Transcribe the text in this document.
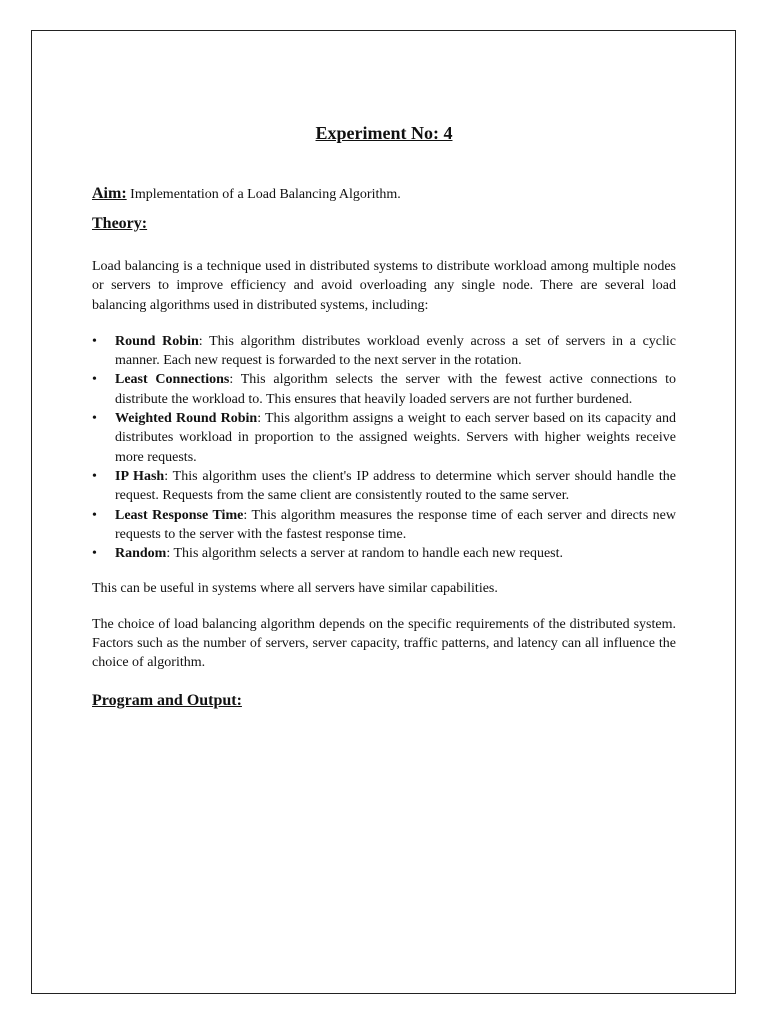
Experiment No: 4
Aim: Implementation of a Load Balancing Algorithm.
Theory:

Load balancing is a technique used in distributed systems to distribute workload among multiple nodes or servers to improve efficiency and avoid overloading any single node. There are several load balancing algorithms used in distributed systems, including:

• Round Robin: This algorithm distributes workload evenly across a set of servers in a cyclic manner. Each new request is forwarded to the next server in the rotation.
• Least Connections: This algorithm selects the server with the fewest active connections to distribute the workload to. This ensures that heavily loaded servers are not further burdened.
• Weighted Round Robin: This algorithm assigns a weight to each server based on its capacity and distributes workload in proportion to the assigned weights. Servers with higher weights receive more requests.
• IP Hash: This algorithm uses the client's IP address to determine which server should handle the request. Requests from the same client are consistently routed to the same server.
• Least Response Time: This algorithm measures the response time of each server and directs new requests to the server with the fastest response time.
• Random: This algorithm selects a server at random to handle each new request.

This can be useful in systems where all servers have similar capabilities.

The choice of load balancing algorithm depends on the specific requirements of the distributed system. Factors such as the number of servers, server capacity, traffic patterns, and latency can all influence the choice of algorithm.

Program and Output:
